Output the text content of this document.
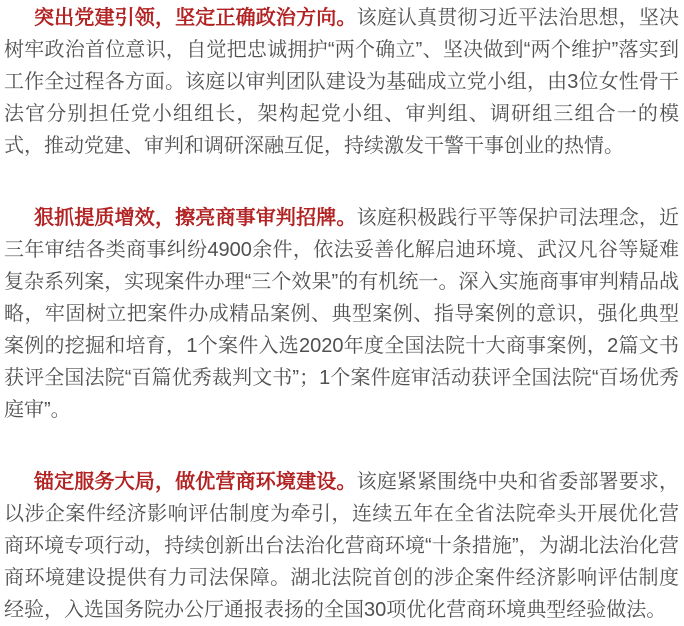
突出党建引领，坚定正确政治方向。该庭认真贯彻习近平法治思想，坚决树牢政治首位意识，自觉把忠诚拥护“两个确立”、坚决做到“两个维护”落实到工作全过程各方面。该庭以审判团队建设为基础成立党小组，由3位女性骨干法官分别担任党小组组长，架构起党小组、审判组、调研组三组合一的模式，推动党建、审判和调研深融互促，持续激发干警干事创业的热情。

狠抓提质增效，擦亮商事审判招牌。该庭积极践行平等保护司法理念，近三年审结各类商事纠纷4900余件，依法妥善化解启迪环境、武汉凡谷等疑难复杂系列案，实现案件办理“三个效果”的有机统一。深入实施商事审判精品战略，牢固树立把案件办成精品案例、典型案例、指导案例的意识，强化典型案例的挖掘和培育，1个案件入选2020年度全国法院十大商事案例，2篇文书获评全国法院“百篇优秀裁判文书”；1个案件庭审活动获评全国法院“百场优秀庭审”。

锚定服务大局，做优营商环境建设。该庭紧紧围绕中央和省委部署要求，以涉企案件经济影响评估制度为牵引，连续五年在全省法院牵头开展优化营商环境专项行动，持续创新出台法治化营商环境“十条措施”，为湖北法治化营商环境建设提供有力司法保障。湖北法院首创的涉企案件经济影响评估制度经验，入选国务院办公厅通报表扬的全国30项优化营商环境典型经验做法。
